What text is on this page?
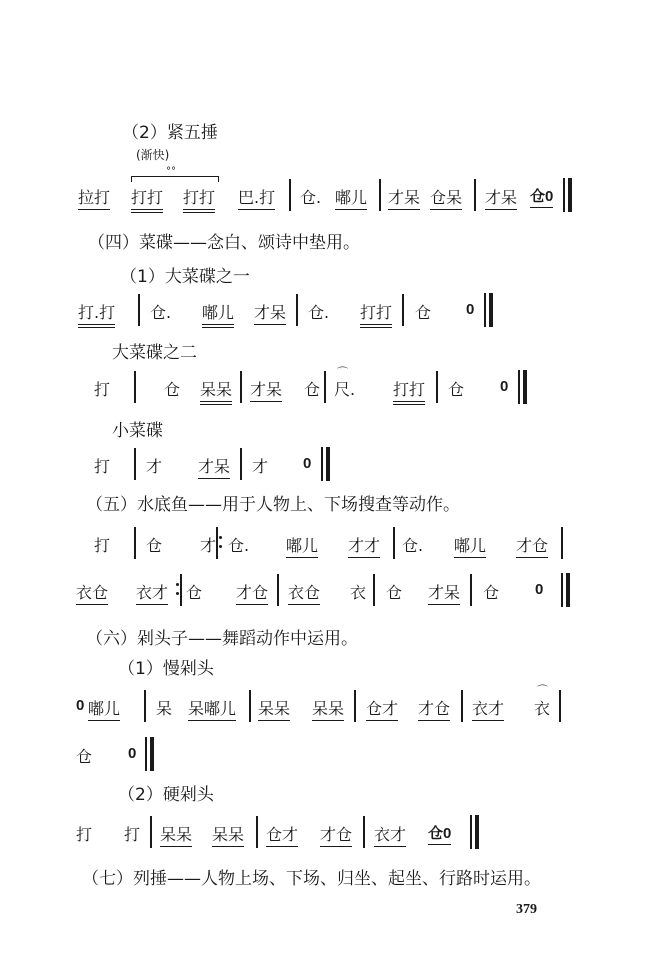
（2）紧五捶
(渐快)
°°
拉打 打打 打打 巴.打 仓. 嘟儿 才呆 仓呆 才呆 仓0
（四）菜碟——念白、颂诗中垫用。
（1）大菜碟之一
打.打 仓. 嘟儿 才呆 仓. 打打 仓 0
大菜碟之二
打	仓 呆呆 才呆 仓
⌒
尺. 打打 仓 0
小菜碟
打 才 才呆 才 0
（五）水底鱼——用于人物上、下场搜查等动作。
打 仓 才 仓. 嘟儿 才才 仓. 嘟儿 才仓
衣仓 衣才 仓 才仓 衣仓 衣 仓 才呆 仓 0
（六）剁头子——舞蹈动作中运用。
（1）慢剁头
0 嘟儿 呆 呆嘟儿 呆呆 呆呆 仓才 才仓 衣才
⌒
衣
仓 0
（2）硬剁头
打 打 呆呆 呆呆 仓才 才仓 衣才 仓0
（七）列捶——人物上场、下场、归坐、起坐、行路时运用。
379
